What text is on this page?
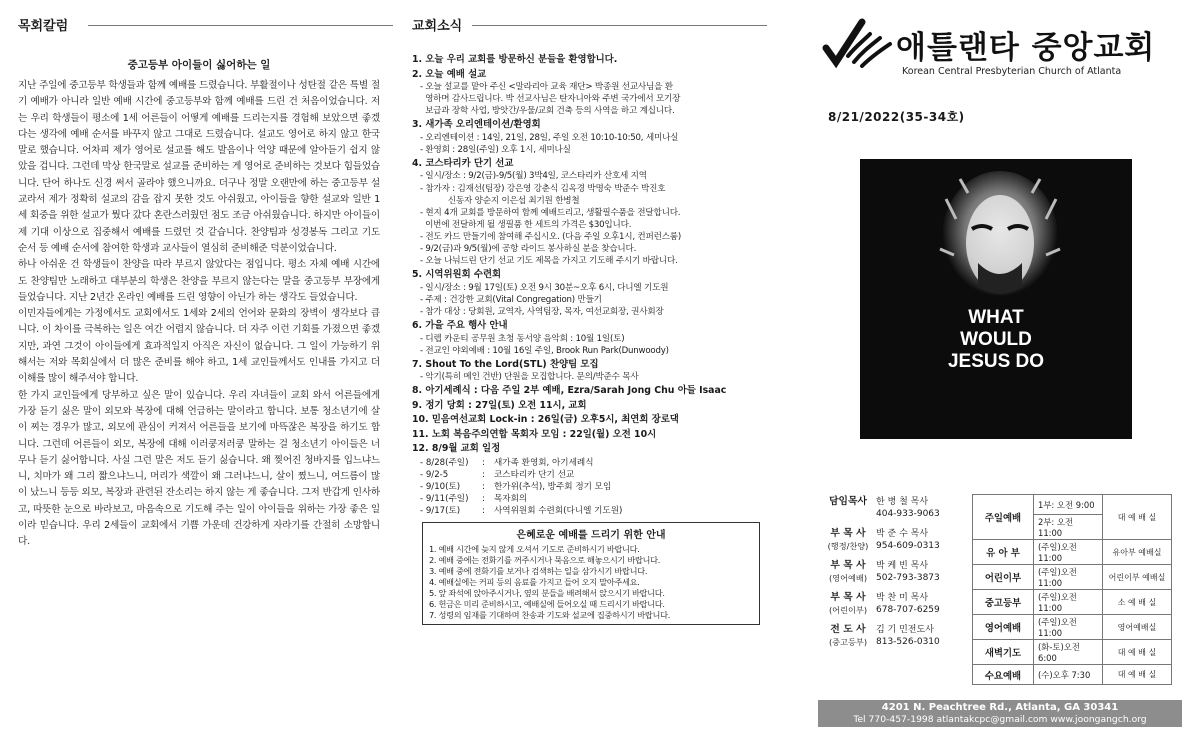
목회칼럼
중고등부 아이들이 싫어하는 일

지난 주일에 중고등부 학생들과 함께 예배를 드렸습니다. 부활절이나 성탄절 같은 특별 절기 예배가 아니라 일반 예배 시간에 중고등부와 함께 예배를 드린 건 처음이었습니다. 저는 우리 학생들이 평소에 1세 어른들이 어떻게 예배를 드리는지를 경험해 보았으면 좋겠다는 생각에 예배 순서를 바꾸지 않고 그대로 드렸습니다. 설교도 영어로 하지 않고 한국말로 했습니다. 어차피 제가 영어로 설교를 해도 발음이나 억양 때문에 알아듣기 쉽지 않았을 겁니다. 그런데 막상 한국말로 설교를 준비하는 게 영어로 준비하는 것보다 힘들었습니다. 단어 하나도 신경 써서 골라야 했으니까요. 더구나 정말 오랜만에 하는 중고등부 설교라서 제가 정확히 설교의 감을 잡지 못한 것도 아쉬웠고, 아이들을 향한 설교와 일반 1세 회중을 위한 설교가 뭤다 갔다 혼란스러웠던 점도 조금 아쉬웠습니다. 하지만 아이들이 제 기대 이상으로 집중해서 예배를 드렸던 것 같습니다. 찬양팀과 성경봉독 그리고 기도 순서 등 예배 순서에 참여한 학생과 교사들이 열심히 준비해준 덕분이었습니다.

하나 아쉬운 건 학생들이 찬양을 따라 부르지 않았다는 점입니다. 평소 자체 예배 시간에도 찬양팀만 노래하고 대부분의 학생은 찬양을 부르지 않는다는 말을 중고등부 부장에게 들었습니다. 지난 2년간 온라인 예배를 드린 영향이 아닌가 하는 생각도 들었습니다.

이민자들에게는 가정에서도 교회에서도 1세와 2세의 언어와 문화의 장벽이 생각보다 큽니다. 이 차이를 극복하는 일은 여간 어렵지 않습니다. 더 자주 이런 기회를 가졌으면 좋겠지만, 과연 그것이 아이들에게 효과적일지 아직은 자신이 없습니다. 그 일이 가능하기 위해서는 저와 목회실에서 더 많은 준비를 해야 하고, 1세 교인들께서도 인내를 가지고 더 이해를 많이 해주셔야 합니다.

한 가지 교인들에게 당부하고 싶은 말이 있습니다. 우리 자녀들이 교회 와서 어른들에게 가장 듣기 싫은 말이 외모와 복장에 대해 언급하는 말이라고 합니다. 보통 청소년기에 살이 찌는 경우가 많고, 외모에 관심이 커져서 어른들을 보기에 마뜩잖은 복장을 하기도 합니다. 그런데 어른들이 외모, 복장에 대해 이러쿵저러쿵 말하는 걸 청소년기 아이들은 너무나 듣기 싫어합니다. 사실 그런 말은 저도 듣기 싫습니다. 왜 찢어진 청바지를 입느냐느니, 치마가 왜 그리 짧으냐느니, 머리가 색깔이 왜 그러냐느니, 살이 쪘느니, 여드름이 많이 났느니 등등 외모, 복장과 관련된 잔소리는 하지 않는 게 좋습니다. 그저 반갑게 인사하고, 따뜻한 눈으로 바라보고, 마음속으로 기도해 주는 일이 아이들을 위하는 가장 좋은 일이라 믿습니다. 우리 2세들이 교회에서 기쁨 가운데 건강하게 자라기를 간절히 소망합니다.

교회소식
1. 오늘 우리 교회를 방문하신 분들을 환영합니다.
2. 오늘 예배 설교
- 오늘 설교를 맡아 주신 <말라리아 교육 재단> 박종원 선교사님을 환
영하며 감사드립니다. 박 선교사님은 탄자니아와 주변 국가에서 모기장
보급과 장학 사업, 방앗간/우물/교회 건축 등의 사역을 하고 계십니다.
3. 새가족 오리엔테이션/환영회
- 오리엔테이션 : 14일, 21일, 28일, 주일 오전 10:10-10:50, 세미나실
- 환영회 : 28일(주일) 오후 1시, 세미나실
4. 코스타리카 단기 선교
- 일시/장소 : 9/2(금)-9/5(월) 3박4일, 코스타리카 산호세 지역
- 참가자 : 김재선(팀장) 강은영 강춘식 김옥경 박명숙 박준수 박진호
신동자 양순지 이은섭 최기원 한병철
- 현지 4개 교회를 방문하여 함께 예배드리고, 생활필수품을 전달합니다.
이번에 전달하게 될 생필품 한 세트의 가격은 $30입니다.
- 전도 카드 만들기에 참여해 주십시오. (다음 주일 오후1시, 컨퍼런스룸)
- 9/2(금)과 9/5(월)에 공항 라이드 봉사하실 분을 찾습니다.
- 오늘 나눠드린 단기 선교 기도 제목을 가지고 기도해 주시기 바랍니다.
5. 시역위원회 수련회
- 일시/장소 : 9월 17일(토) 오전 9시 30분~오후 6시, 다니엘 기도원
- 주제 : 건강한 교회(Vital Congregation) 만들기
- 참가 대상 : 당회원, 교역자, 사역팀장, 목자, 여선교회장, 권사회장
6. 가을 주요 행사 안내
- 디렙 카운티 공무원 초청 동서양 음악회 : 10월 1일(토)
- 전교인 야외예배 : 10월 16일 주일, Brook Run Park(Dunwoody)
7. Shout To the Lord(STL) 찬양팀 모집
- 악기(특히 메인 건반) 단원을 모집합니다. 문의/박준수 목사
8. 아기세례식 : 다음 주일 2부 예배, Ezra/Sarah Jong Chu 아들 Isaac
9. 정기 당회 : 27일(토) 오전 11시, 교회
10. 믿음여선교회 Lock-in : 26일(금) 오후5시, 최연희 장로댁
11. 노회 복음주의연합 목회자 모임 : 22일(월) 오전 10시
12. 8/9월 교회 일정
- 8/28(주일)	:	새가족 환영회, 아기세례식
- 9/2-5	:	코스타리카 단기 선교
- 9/10(토)	:	한가위(추석), 방주회 정기 모임
- 9/11(주일)	:	목자회의
- 9/17(토)	:	사역위원회 수련회(다니엘 기도원)
은혜로운 예배를 드리기 위한 안내
1. 예배 시간에 늦지 않게 오셔서 기도로 준비하시기 바랍니다.
2. 예배 중에는 전화기를 꺼주시거나 묵음으로 해놓으시기 바랍니다.
3. 예배 중에 전화기를 보거나 검색하는 일을 삼가시기 바랍니다.
4. 예배실에는 커피 등의 음료를 가지고 들어 오지 말아주세요.
5. 앞 좌석에 앉아주시거나, 옆의 분들을 배려해서 앉으시기 바랍니다.
6. 헌금은 미리 준비하시고, 예배실에 들어오실 때 드리시기 바랍니다.
7. 성령의 임재를 기대하며 찬송과 기도와 설교에 집중하시기 바랍니다.
애틀랜타 중앙교회
Korean Central Presbyterian Church of Atlanta
8/21/2022(35-34호)
WHAT
WOULD
JESUS DO
담임목사	한 병 철 목사
404-933-9063
부 목 사
(행정/찬양)
박 준 수 목사
954-609-0313
부 목 사
(영어예배)
박 케 빈 목사
502-793-3873
부 목 사
(어린이부)
박 찬 미 목사
678-707-6259
전 도 사
(중고등부)
김 기 민전도사
813-526-0310
주일예배	1부: 오전 9:00	대 예 배 실
	2부: 오전 11:00	
유 아 부	(주일)오전 11:00	유아부 예배실
어린이부	(주일)오전 11:00	어린이부 예배실
중고등부	(주일)오전 11:00	소 예 배 실
영어예배	(주일)오전 11:00	영어예배실
새벽기도	(화-토)오전 6:00	대 예 배 실
수요예배	(수)오후 7:30	대 예 배 실
4201 N. Peachtree Rd., Atlanta, GA 30341
Tel 770-457-1998 atlantakcpc@gmail.com www.joongangch.org
